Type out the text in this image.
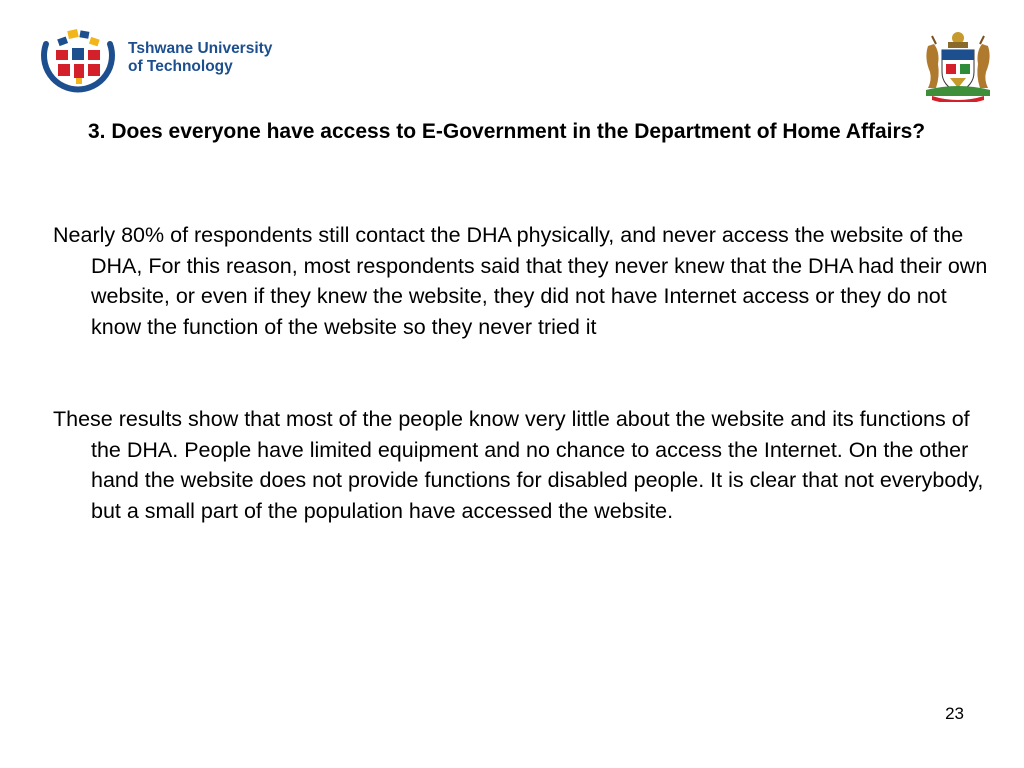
Tshwane University
of Technology
3. Does everyone have access to E-Government in the Department of Home Affairs?
Nearly 80% of respondents still contact the DHA physically, and never access the website of the DHA, For this reason, most respondents said that they never knew that the DHA had their own website, or even if they knew the website, they did not have Internet access or they do not know the function of the website so they never tried it
These results show that most of the people know very little about the website and its functions of the DHA. People have limited equipment and no chance to access the Internet. On the other hand the website does not provide functions for disabled people. It is clear that not everybody, but a small part of the population have accessed the website.
23
